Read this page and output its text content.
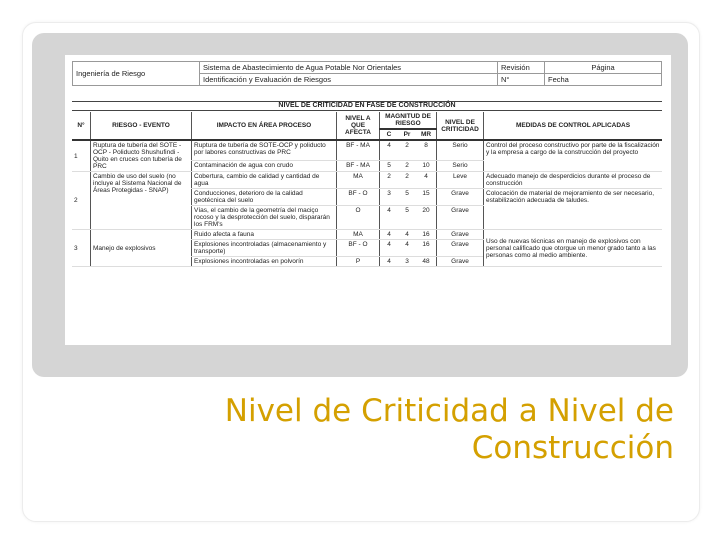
Ingeniería de Riesgo	Sistema de Abastecimiento de Agua Potable Nor Orientales	Revisión	Página
	Identificación y Evaluación de Riesgos	N°	Fecha
NIVEL DE CRITICIDAD EN FASE DE CONSTRUCCIÓN
N°	RIESGO - EVENTO	IMPACTO EN ÁREA PROCESO	NIVEL A QUE AFECTA	MAGNITUD DE RIESGO			NIVEL DE CRITICIDAD	MEDIDAS DE CONTROL APLICADAS
				C	Pr	MR		
1	Ruptura de tubería del SOTE - OCP - Poliducto Shushufindi - Quito en cruces con tubería de PRC	Ruptura de tubería de SOTE-OCP y poliducto por labores constructivas de PRC	BF - MA	4	2	8	Serio	Control del proceso constructivo por parte de la fiscalización y la empresa a cargo de la construcción del proyecto
		Contaminación de agua con crudo	BF - MA	5	2	10	Serio	
2	Cambio de uso del suelo (no incluye al Sistema Nacional de Áreas Protegidas - SNAP)	Cobertura, cambio de calidad y cantidad de agua	MA	2	2	4	Leve	Adecuado manejo de desperdicios durante el proceso de construcción
		Conducciones, deterioro de la calidad geotécnica del suelo	BF - O	3	5	15	Grave	Colocación de material de mejoramiento de ser necesario, estabilización adecuada de taludes.
		Vías, el cambio de la geometría del maciço rocoso y la desprotección del suelo, dispararán los FRM's	O	4	5	20	Grave	
3	Manejo de explosivos	Ruido afecta a fauna	MA	4	4	16	Grave	Uso de nuevas técnicas en manejo de explosivos con personal calificado que otorgue un menor grado tanto a las personas como al medio ambiente.
		Explosiones incontroladas (almacenamiento y transporte)	BF - O	4	4	16	Grave	
		Explosiones incontroladas en polvorín	P	4	3	48	Grave	
Nivel de Criticidad a Nivel de
Construcción
